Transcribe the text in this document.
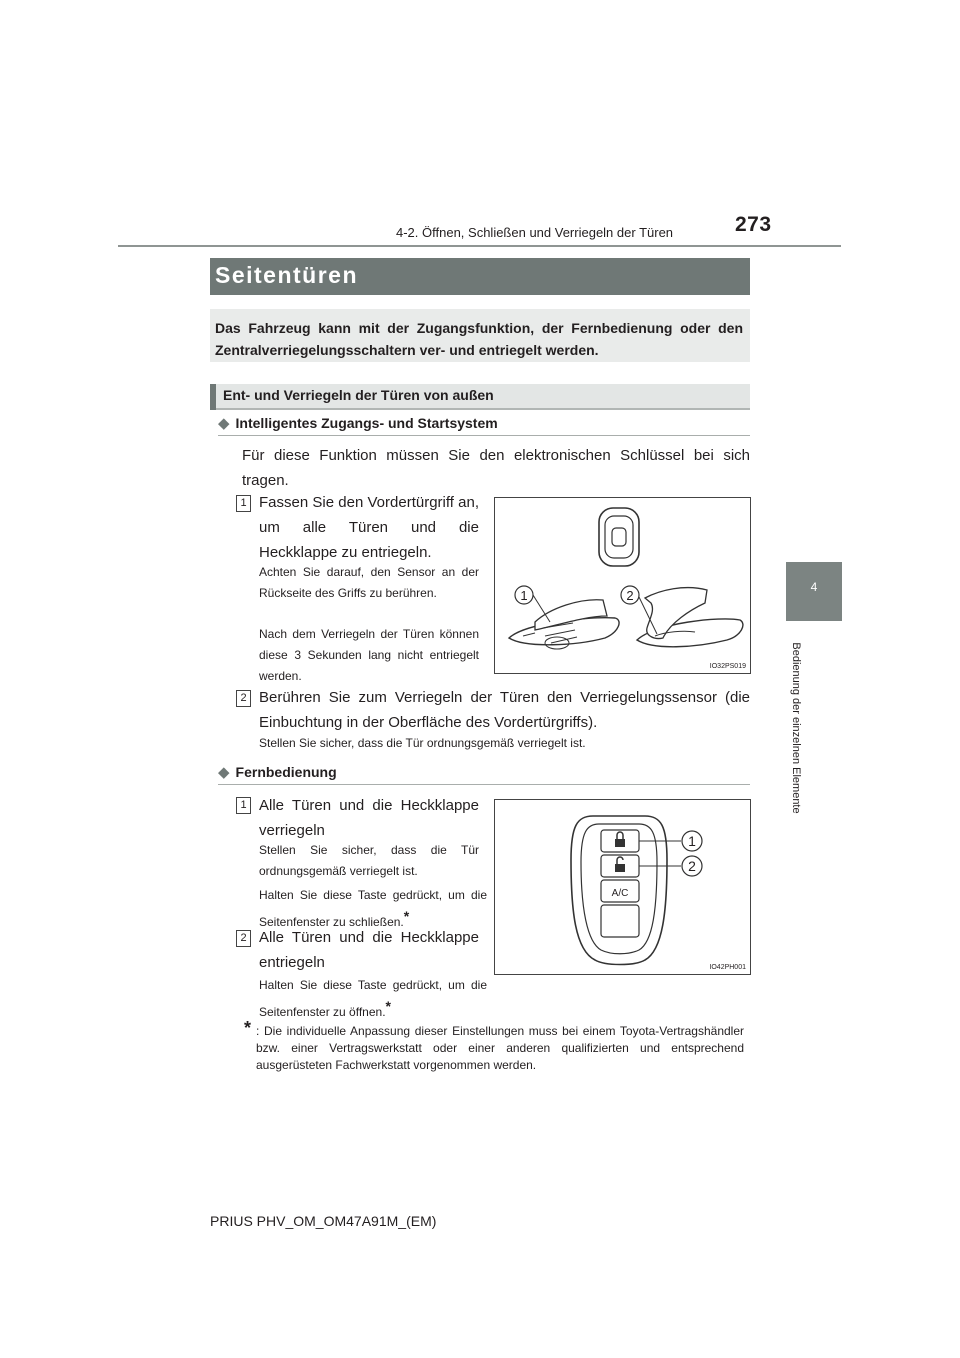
273
4-2. Öffnen, Schließen und Verriegeln der Türen
4
Bedienung der einzelnen Elemente
Seitentüren
Das Fahrzeug kann mit der Zugangsfunktion, der Fernbedienung oder den Zentralverriegelungsschaltern ver- und entriegelt werden.
Ent- und Verriegeln der Türen von außen
◆ Intelligentes Zugangs- und Startsystem
Für diese Funktion müssen Sie den elektronischen Schlüssel bei sich tragen.
1 Fassen Sie den Vordertürgriff an, um alle Türen und die Heckklappe zu entriegeln.
Achten Sie darauf, den Sensor an der Rückseite des Griffs zu berühren.
Nach dem Verriegeln der Türen können diese 3 Sekunden lang nicht entriegelt werden.
1	2
IO32PS019
2 Berühren Sie zum Verriegeln der Türen den Verriegelungssensor (die Einbuchtung in der Oberfläche des Vordertürgriffs).
Stellen Sie sicher, dass die Tür ordnungsgemäß verriegelt ist.
◆ Fernbedienung
1 Alle Türen und die Heckklappe verriegeln
Stellen Sie sicher, dass die Tür ordnungsgemäß verriegelt ist.
Halten Sie diese Taste gedrückt, um die Seitenfenster zu schließen.*
2 Alle Türen und die Heckklappe entriegeln
Halten Sie diese Taste gedrückt, um die Seitenfenster zu öffnen.*
A/C
1
2
IO42PH001
* : Die individuelle Anpassung dieser Einstellungen muss bei einem Toyota-Vertragshändler bzw. einer Vertragswerkstatt oder einer anderen qualifizierten und entsprechend ausgerüsteten Fachwerkstatt vorgenommen werden.
PRIUS PHV_OM_OM47A91M_(EM)
